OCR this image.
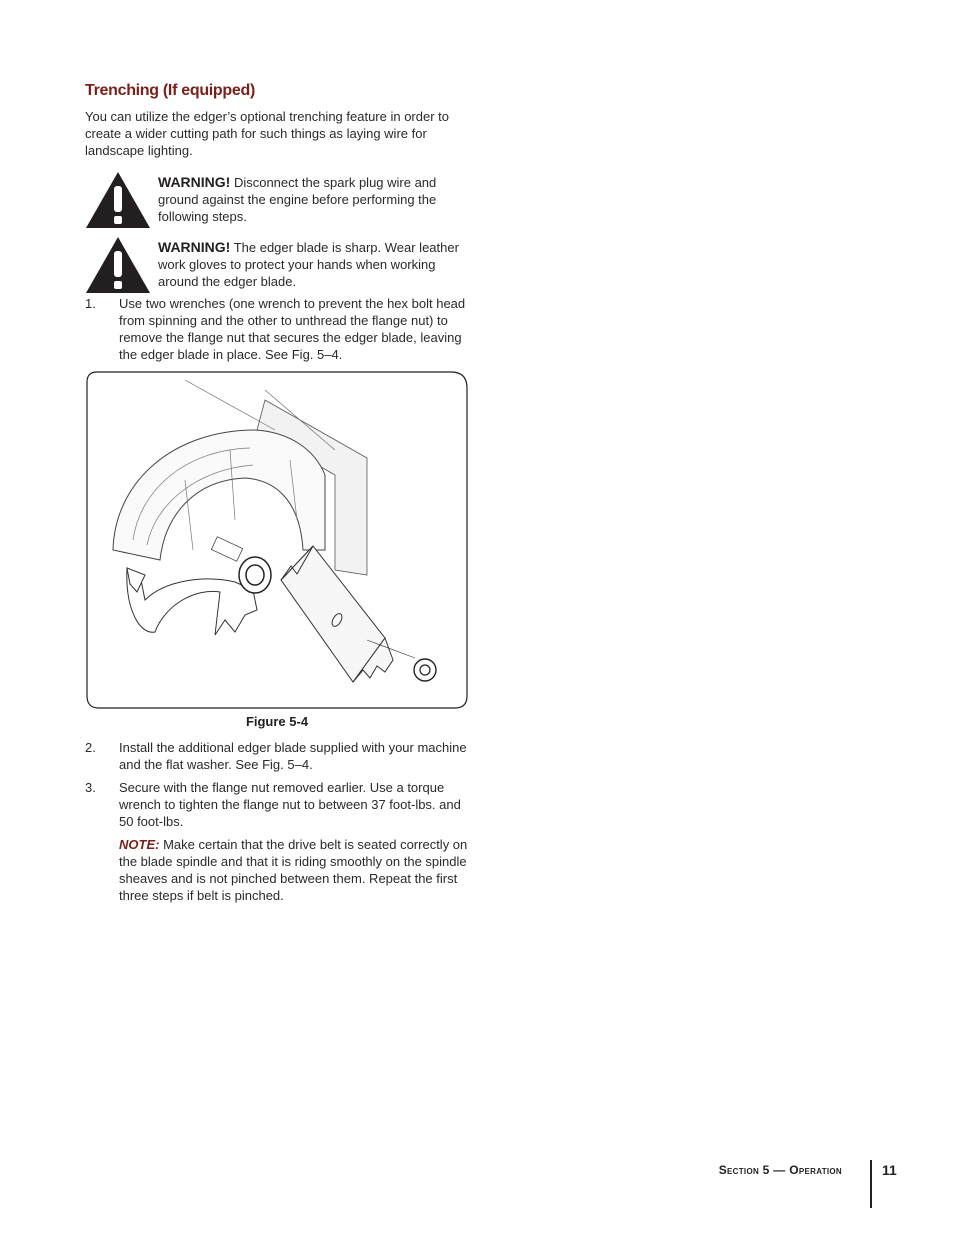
Trenching (If equipped)
You can utilize the edger’s optional trenching feature in order to create a wider cutting path for such things as laying wire for landscape lighting.
WARNING! Disconnect the spark plug wire and ground against the engine before performing the following steps.
WARNING! The edger blade is sharp. Wear leather work gloves to protect your hands when working around the edger blade.
1.	Use two wrenches (one wrench to prevent the hex bolt head from spinning and the other to unthread the flange nut) to remove the flange nut that secures the edger blade, leaving the edger blade in place. See Fig. 5–4.
Figure 5-4
2.	Install the additional edger blade supplied with your machine and the flat washer. See Fig. 5–4.
3.	Secure with the flange nut removed earlier. Use a torque wrench to tighten the flange nut to between 37 foot-lbs. and 50 foot-lbs.
NOTE: Make certain that the drive belt is seated correctly on the blade spindle and that it is riding smoothly on the spindle sheaves and is not pinched between them. Repeat the first three steps if belt is pinched.
Section 5 — Operation	11
